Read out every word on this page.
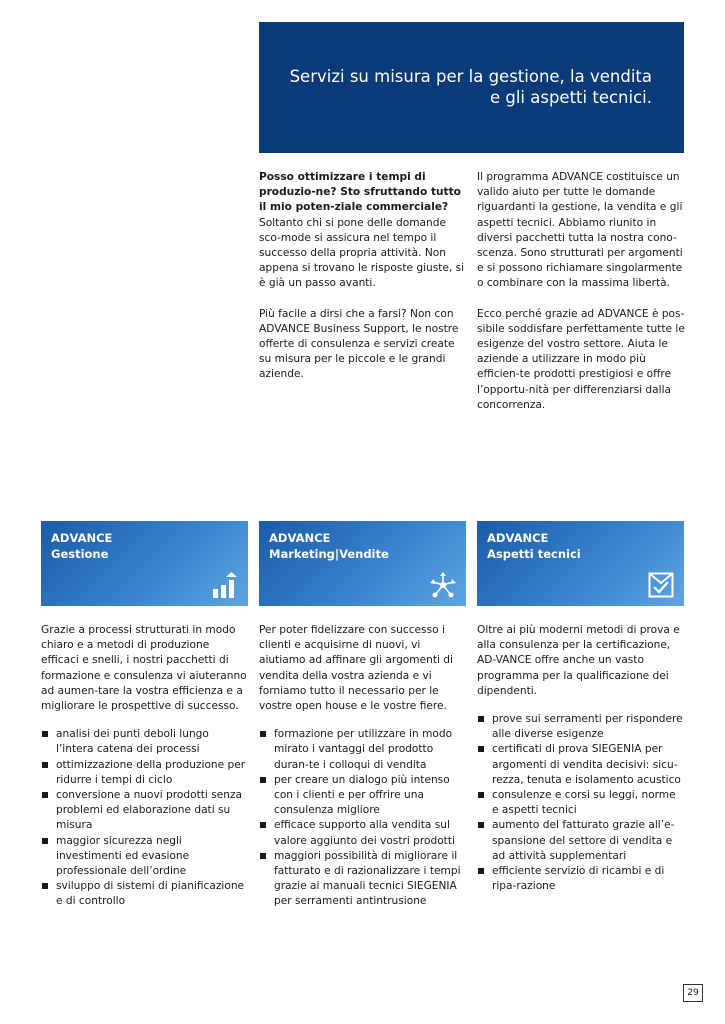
Servizi su misura per la gestione, la vendita
e gli aspetti tecnici.

Posso ottimizzare i tempi di produzio-ne? Sto sfruttando tutto il mio poten-ziale commerciale?
Soltanto chi si pone delle domande sco-mode si assicura nel tempo il successo della propria attività. Non appena si trovano le risposte giuste, si è già un passo avanti.

Più facile a dirsi che a farsi? Non con ADVANCE Business Support, le nostre offerte di consulenza e servizi create su misura per le piccole e le grandi aziende.

Il programma ADVANCE costituisce un valido aiuto per tutte le domande riguardanti la gestione, la vendita e gli aspetti tecnici. Abbiamo riunito in diversi pacchetti tutta la nostra cono-scenza. Sono strutturati per argomenti e si possono richiamare singolarmente o combinare con la massima libertà.

Ecco perché grazie ad ADVANCE è pos-sibile soddisfare perfettamente tutte le esigenze del vostro settore. Aiuta le aziende a utilizzare in modo più efficien-te prodotti prestigiosi e offre l’opportu-nità per differenziarsi dalla concorrenza.

ADVANCE
Gestione
ADVANCE
Marketing|Vendite
ADVANCE
Aspetti tecnici

Grazie a processi strutturati in modo chiaro e a metodi di produzione efficaci e snelli, i nostri pacchetti di formazione e consulenza vi aiuteranno ad aumen-tare la vostra efficienza e a migliorare le prospettive di successo.

analisi dei punti deboli lungo l’intera catena dei processi
ottimizzazione della produzione per ridurre i tempi di ciclo
conversione a nuovi prodotti senza problemi ed elaborazione dati su misura
maggior sicurezza negli investimenti ed evasione professionale dell’ordine
sviluppo di sistemi di pianificazione e di controllo

Per poter fidelizzare con successo i clienti e acquisirne di nuovi, vi aiutiamo ad affinare gli argomenti di vendita della vostra azienda e vi forniamo tutto il necessario per le vostre open house e le vostre fiere.

formazione per utilizzare in modo mirato i vantaggi del prodotto duran-te i colloqui di vendita
per creare un dialogo più intenso con i clienti e per offrire una consulenza migliore
efficace supporto alla vendita sul valore aggiunto dei vostri prodotti
maggiori possibilità di migliorare il fatturato e di razionalizzare i tempi grazie ai manuali tecnici SIEGENIA per serramenti antintrusione

Oltre ai più moderni metodi di prova e alla consulenza per la certificazione, AD-VANCE offre anche un vasto programma per la qualificazione dei dipendenti.

prove sui serramenti per rispondere alle diverse esigenze
certificati di prova SIEGENIA per argomenti di vendita decisivi: sicu-rezza, tenuta e isolamento acustico
consulenze e corsi su leggi, norme e aspetti tecnici
aumento del fatturato grazie all’e-spansione del settore di vendita e ad attività supplementari
efficiente servizio di ricambi e di ripa-razione
29
